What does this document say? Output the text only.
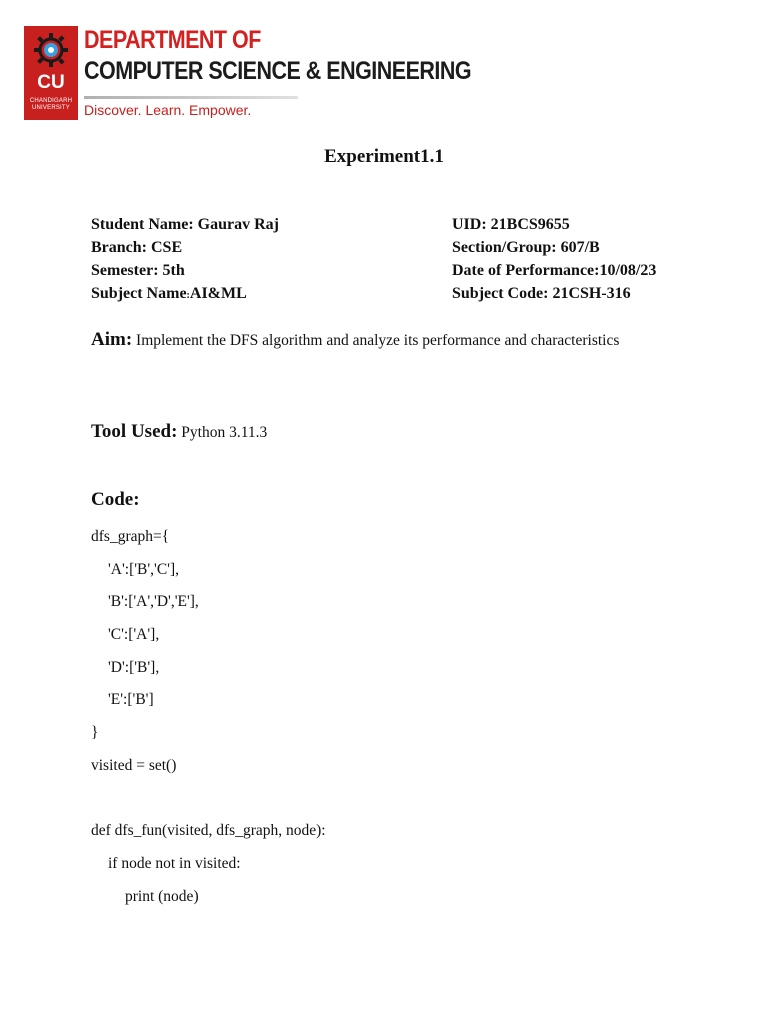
CU
CHANDIGARH
UNIVERSITY
DEPARTMENT OF
COMPUTER SCIENCE & ENGINEERING
Discover. Learn. Empower.
Experiment1.1
Student Name: Gaurav Raj
Branch: CSE
Semester: 5th
Subject Name:AI&ML
UID: 21BCS9655
Section/Group: 607/B
Date of Performance:10/08/23
Subject Code: 21CSH-316
Aim: Implement the DFS algorithm and analyze its performance and characteristics
Tool Used: Python 3.11.3
Code:
dfs_graph={
'A':['B','C'],
'B':['A','D','E'],
'C':['A'],
'D':['B'],
'E':['B']
}
visited = set()
def dfs_fun(visited, dfs_graph, node):
if node not in visited:
print (node)
